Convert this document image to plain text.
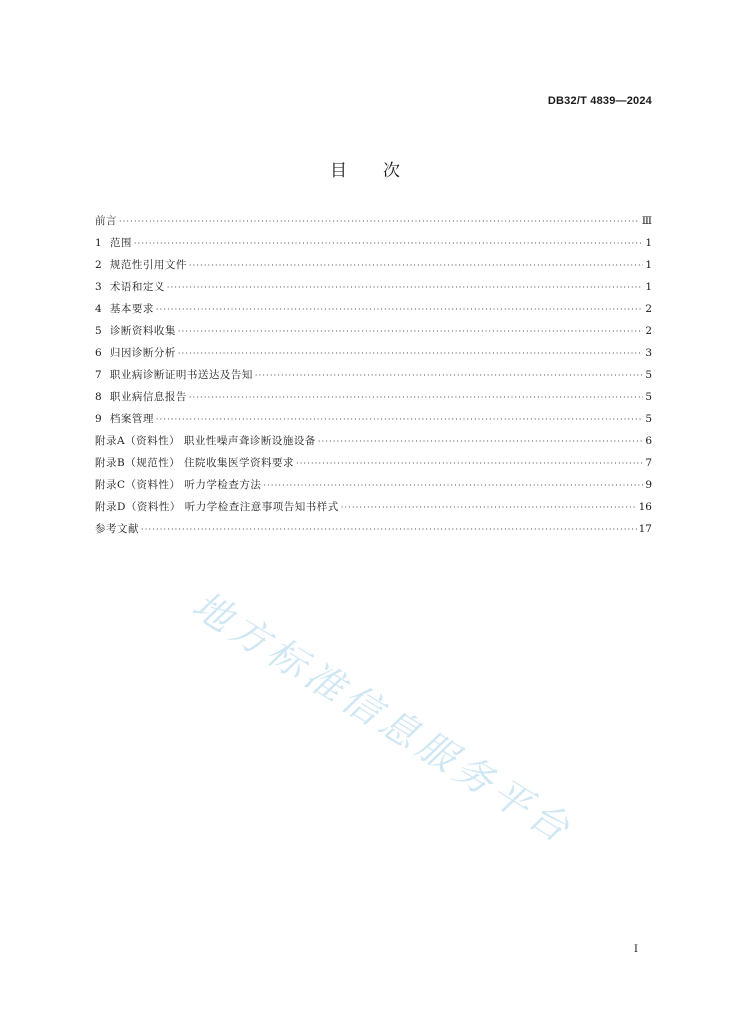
DB32/T 4839—2024
目次
前言 ·····	Ⅲ
1  范围 ·····	1
2  规范性引用文件 ·····	1
3  术语和定义 ·····	1
4  基本要求 ·····	2
5  诊断资料收集 ·····	2
6  归因诊断分析 ·····	3
7  职业病诊断证明书送达及告知 ·····	5
8  职业病信息报告 ·····	5
9  档案管理 ·····	5
附录A（资料性） 职业性噪声聋诊断设施设备 ·····	6
附录B（规范性） 住院收集医学资料要求 ·····	7
附录C（资料性） 听力学检查方法 ·····	9
附录D（资料性） 听力学检查注意事项告知书样式 ·····	16
参考文献 ·····	17
地方标准信息服务平台
I
